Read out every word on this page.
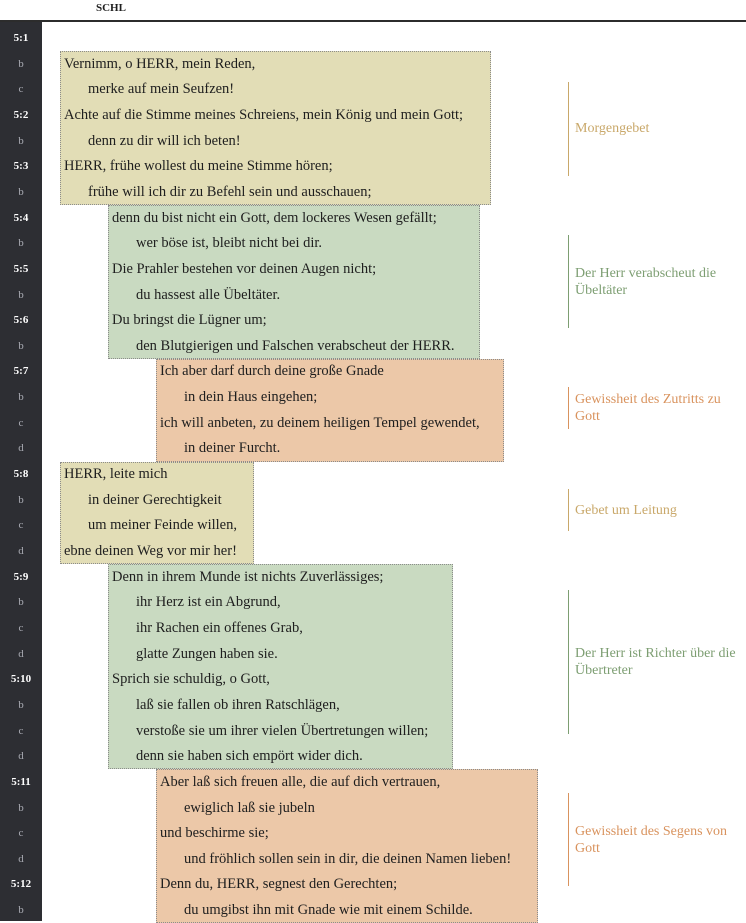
SCHL
5:1
b
c
5:2
b
5:3
b
5:4
b
5:5
b
5:6
b
5:7
b
c
d
5:8
b
c
d
5:9
b
c
d
5:10
b
c
d
5:11
b
c
d
5:12
b
Vernimm, o HERR, mein Reden,
merke auf mein Seufzen!
Achte auf die Stimme meines Schreiens, mein König und mein Gott;
denn zu dir will ich beten!
HERR, frühe wollest du meine Stimme hören;
frühe will ich dir zu Befehl sein und ausschauen;
denn du bist nicht ein Gott, dem lockeres Wesen gefällt;
wer böse ist, bleibt nicht bei dir.
Die Prahler bestehen vor deinen Augen nicht;
du hassest alle Übeltäter.
Du bringst die Lügner um;
den Blutgierigen und Falschen verabscheut der HERR.
Ich aber darf durch deine große Gnade
in dein Haus eingehen;
ich will anbeten, zu deinem heiligen Tempel gewendet,
in deiner Furcht.
HERR, leite mich
in deiner Gerechtigkeit
um meiner Feinde willen,
ebne deinen Weg vor mir her!
Denn in ihrem Munde ist nichts Zuverlässiges;
ihr Herz ist ein Abgrund,
ihr Rachen ein offenes Grab,
glatte Zungen haben sie.
Sprich sie schuldig, o Gott,
laß sie fallen ob ihren Ratschlägen,
verstoße sie um ihrer vielen Übertretungen willen;
denn sie haben sich empört wider dich.
Aber laß sich freuen alle, die auf dich vertrauen,
ewiglich laß sie jubeln
und beschirme sie;
und fröhlich sollen sein in dir, die deinen Namen lieben!
Denn du, HERR, segnest den Gerechten;
du umgibst ihn mit Gnade wie mit einem Schilde.
Morgengebet
Der Herr verabscheut die Übeltäter
Gewissheit des Zutritts zu Gott
Gebet um Leitung
Der Herr ist Richter über die Übertreter
Gewissheit des Segens von Gott
